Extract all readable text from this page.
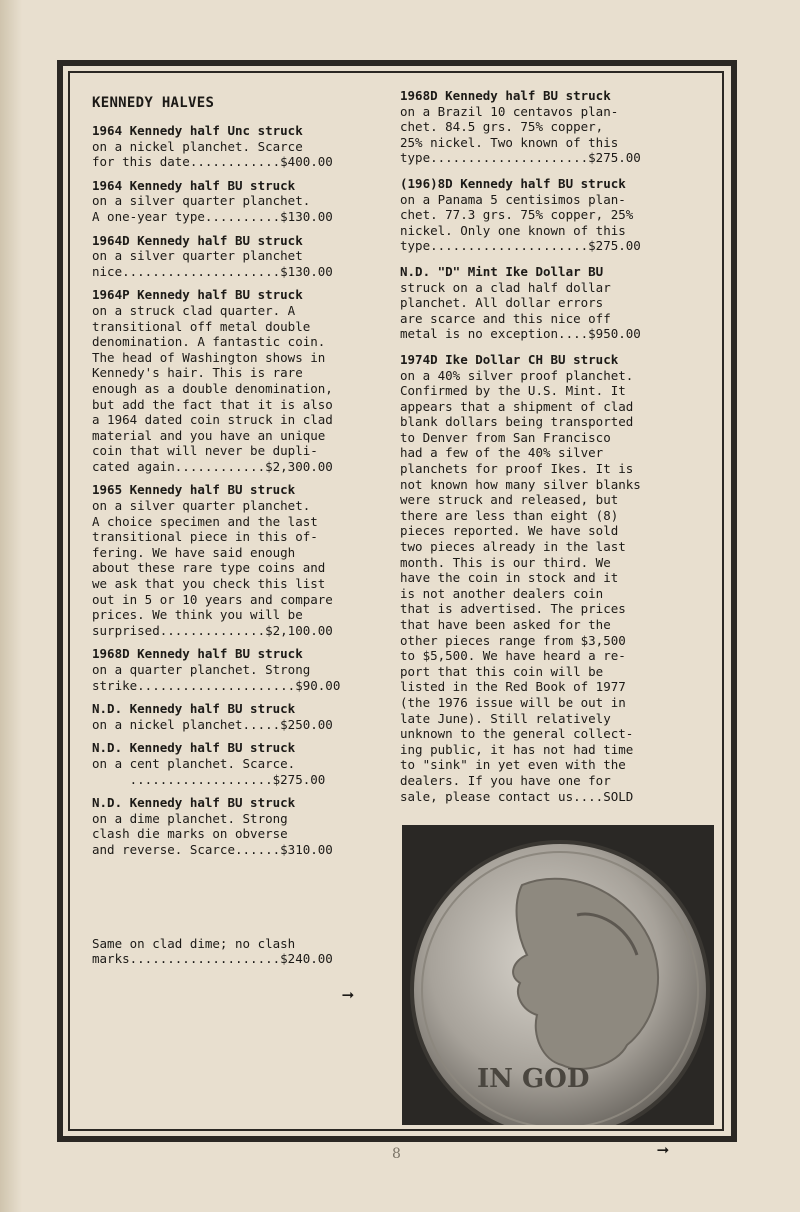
KENNEDY HALVES
1964 Kennedy half Unc struck
on a nickel planchet. Scarce
for this date............$400.00
1964 Kennedy half BU struck
on a silver quarter planchet.
A one-year type..........$130.00
1964D Kennedy half BU struck
on a silver quarter planchet
nice.....................$130.00
1964P Kennedy half BU struck
on a struck clad quarter. A
transitional off metal double
denomination. A fantastic coin.
The head of Washington shows in
Kennedy's hair. This is rare
enough as a double denomination,
but add the fact that it is also
a 1964 dated coin struck in clad
material and you have an unique
coin that will never be dupli-
cated again............$2,300.00
1965 Kennedy half BU struck
on a silver quarter planchet.
A choice specimen and the last
transitional piece in this of-
fering. We have said enough
about these rare type coins and
we ask that you check this list
out in 5 or 10 years and compare
prices. We think you will be
surprised..............$2,100.00
1968D Kennedy half BU struck
on a quarter planchet. Strong
strike.....................$90.00
N.D. Kennedy half BU struck
on a nickel planchet.....$250.00
N.D. Kennedy half BU struck
on a cent planchet. Scarce.
...................$275.00
N.D. Kennedy half BU struck
on a dime planchet. Strong
clash die marks on obverse
and reverse. Scarce......$310.00
Same on clad dime; no clash
marks....................$240.00
➞
1968D Kennedy half BU struck
on a Brazil 10 centavos plan-
chet. 84.5 grs. 75% copper,
25% nickel. Two known of this
type.....................$275.00
(196)8D Kennedy half BU struck
on a Panama 5 centisimos plan-
chet. 77.3 grs. 75% copper, 25%
nickel. Only one known of this
type.....................$275.00
N.D. "D" Mint Ike Dollar BU
struck on a clad half dollar
planchet. All dollar errors
are scarce and this nice off
metal is no exception....$950.00
1974D Ike Dollar CH BU struck
on a 40% silver proof planchet.
Confirmed by the U.S. Mint. It
appears that a shipment of clad
blank dollars being transported
to Denver from San Francisco
had a few of the 40% silver
planchets for proof Ikes. It is
not known how many silver blanks
were struck and released, but
there are less than eight (8)
pieces reported. We have sold
two pieces already in the last
month. This is our third. We
have the coin in stock and it
is not another dealers coin
that is advertised. The prices
that have been asked for the
other pieces range from $3,500
to $5,500. We have heard a re-
port that this coin will be
listed in the Red Book of 1977
(the 1976 issue will be out in
late June). Still relatively
unknown to the general collect-
ing public, it has not had time
to "sink" in yet even with the
dealers. If you have one for
sale, please contact us....SOLD
IN GOD
➞
8
